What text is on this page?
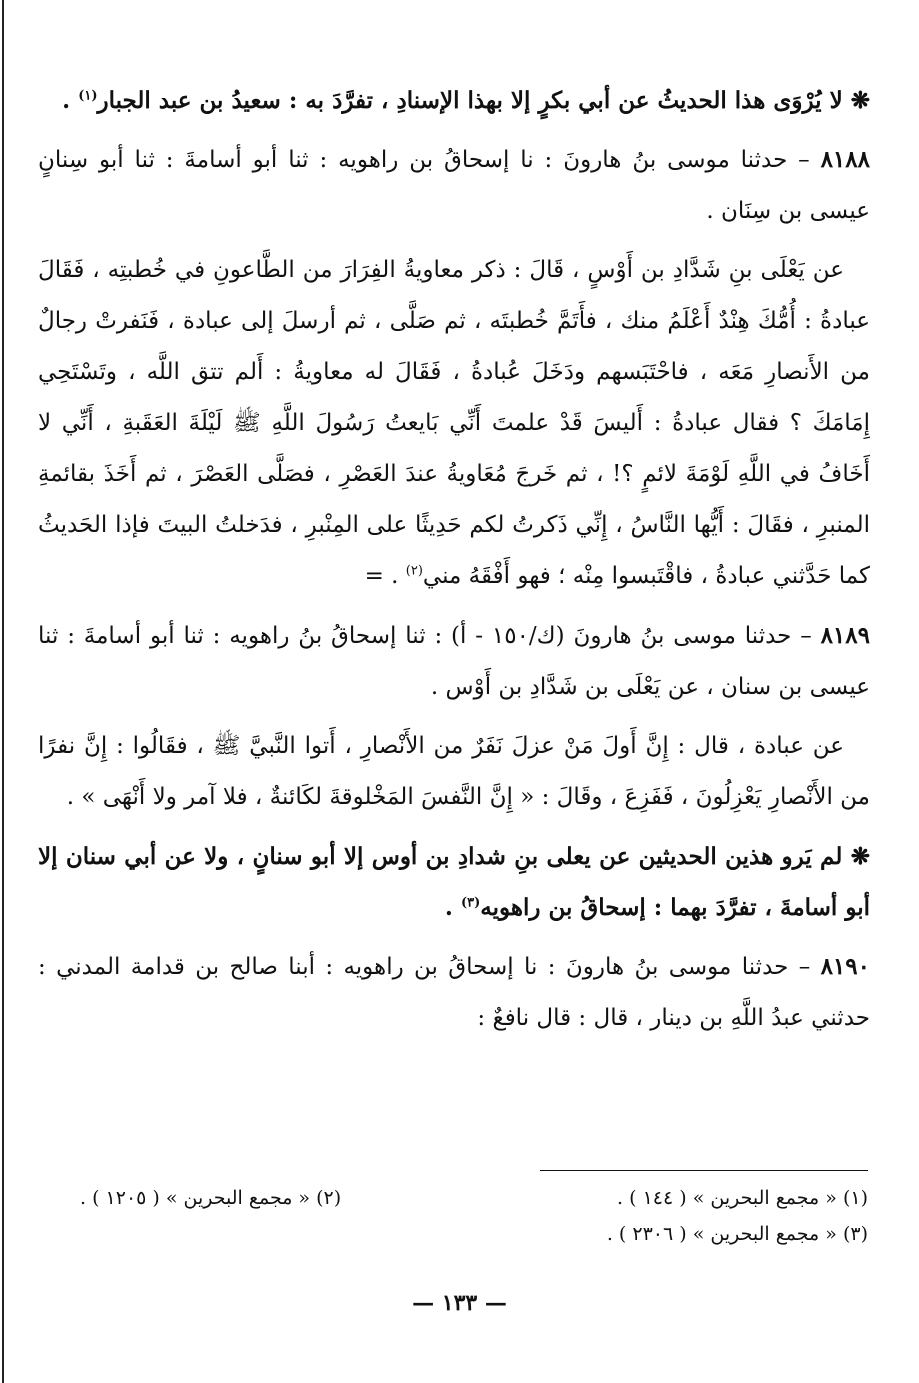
❋ لا يُرْوَى هذا الحديثُ عن أبي بكرٍ إلا بهذا الإسنادِ ، تفرَّدَ به : سعيدُ بن عبد الجبار$^{(١)}$ .

٨١٨٨ – حدثنا موسى بنُ هارونَ : نا إسحاقُ بن راهويه : ثنا أبو أسامةَ : ثنا أبو سِنانٍ عيسى بن سِنَان .

عن يَعْلَى بنِ شَدَّادِ بن أَوْسٍ ، قَالَ : ذكر معاويةُ الفِرَارَ من الطَّاعونِ في خُطبتِه ، فَقَالَ عبادةُ : أُمُّكَ هِنْدٌ أَعْلَمُ منك ، فأَتَمَّ خُطبتَه ، ثم صَلَّى ، ثم أرسلَ إلى عبادة ، فَنَفرتْ رجالٌ من الأَنصارِ مَعَه ، فاحْتَبَسهم ودَخَلَ عُبادةُ ، فَقَالَ له معاويةُ : أَلم تتق اللَّه ، وتَسْتَحِي إِمَامَكَ ؟ فقال عبادةُ : أَليسَ قَدْ علمتَ أَنِّي بَايعتُ رَسُولَ اللَّهِ ﷺ لَيْلَةَ العَقَبةِ ، أَنِّي لا أَخَافُ في اللَّهِ لَوْمَةَ لائمٍ ؟! ، ثم خَرجَ مُعَاويةُ عندَ العَصْرِ ، فصَلَّى العَصْرَ ، ثم أَخَذَ بقائمةِ المنبرِ ، فقَالَ : أَيُّها النَّاسُ ، إِنِّي ذَكرتُ لكم حَدِيثًا على المِنْبرِ ، فدَخلتُ البيتَ فإذا الحَديثُ كما حَدَّثني عبادةُ ، فاقْتَبسوا مِنْه ؛ فهو أَفْقَهُ مني$^{(٢)}$ . =

٨١٨٩ – حدثنا موسى بنُ هارونَ (ك/١٥٠ - أ) : ثنا إسحاقُ بنُ راهويه : ثنا أبو أسامةَ : ثنا عيسى بن سنان ، عن يَعْلَى بن شَدَّادِ بن أَوْس .

عن عبادة ، قال : إِنَّ أَولَ مَنْ عزلَ نَفَرٌ من الأَنْصارِ ، أَتوا النَّبيَّ ﷺ ، فقَالُوا : إِنَّ نفرًا من الأَنْصارِ يَعْزِلُونَ ، فَفَزِعَ ، وقَالَ : « إِنَّ النَّفسَ المَخْلوقةَ لكَائنةٌ ، فلا آمر ولا أَنْهَى » .

❋ لم يَرو هذين الحديثين عن يعلى بنِ شدادِ بن أوس إلا أبو سنانٍ ، ولا عن أبي سنان إلا أبو أسامةَ ، تفرَّدَ بهما : إسحاقُ بن راهويه$^{(٣)}$ .

٨١٩٠ – حدثنا موسى بنُ هارونَ : نا إسحاقُ بن راهويه : أبنا صالح بن قدامة المدني : حدثني عبدُ اللَّهِ بن دينار ، قال : قال نافعٌ :

(١) « مجمع البحرين » ( ١٤٤ ) .
(٢) « مجمع البحرين » ( ١٢٠٥ ) .
(٣) « مجمع البحرين » ( ٢٣٠٦ ) .
— ١٣٣ —
